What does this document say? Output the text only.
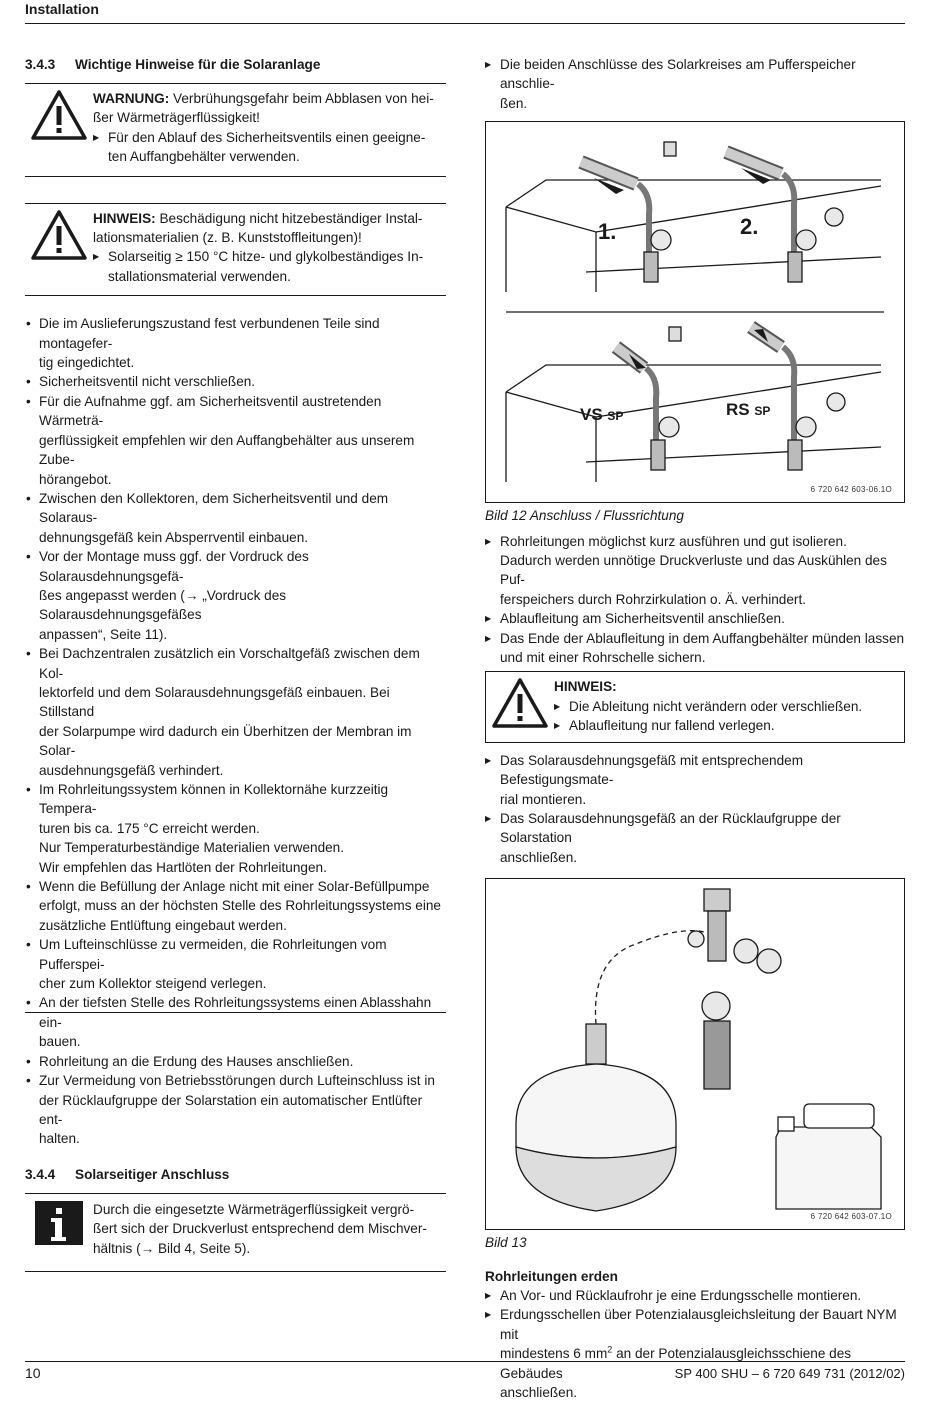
Installation
3.4.3 Wichtige Hinweise für die Solaranlage
WARNUNG: Verbrühungsgefahr beim Abblasen von hei-
ßer Wärmeträgerflüssigkeit!
▶ Für den Ablauf des Sicherheitsventils einen geeigne-
ten Auffangbehälter verwenden.
HINWEIS: Beschädigung nicht hitzebeständiger Instal-
lationsmaterialien (z. B. Kunststoffleitungen)!
▶ Solarseitig ≥ 150 °C hitze- und glykolbeständiges In-
stallationsmaterial verwenden.
• Die im Auslieferungszustand fest verbundenen Teile sind montagefer-
tig eingedichtet.
• Sicherheitsventil nicht verschließen.
• Für die Aufnahme ggf. am Sicherheitsventil austretenden Wärmeträ-
gerflüssigkeit empfehlen wir den Auffangbehälter aus unserem Zube-
hörangebot.
• Zwischen den Kollektoren, dem Sicherheitsventil und dem Solaraus-
dehnungsgefäß kein Absperrventil einbauen.
• Vor der Montage muss ggf. der Vordruck des Solarausdehnungsgefä-
ßes angepasst werden (→ „Vordruck des Solarausdehnungsgefäßes
anpassen“, Seite 11).
• Bei Dachzentralen zusätzlich ein Vorschaltgefäß zwischen dem Kol-
lektorfeld und dem Solarausdehnungsgefäß einbauen. Bei Stillstand
der Solarpumpe wird dadurch ein Überhitzen der Membran im Solar-
ausdehnungsgefäß verhindert.
• Im Rohrleitungssystem können in Kollektornähe kurzzeitig Tempera-
turen bis ca. 175 °C erreicht werden.
Nur Temperaturbeständige Materialien verwenden.
Wir empfehlen das Hartlöten der Rohrleitungen.
• Wenn die Befüllung der Anlage nicht mit einer Solar-Befüllpumpe
erfolgt, muss an der höchsten Stelle des Rohrleitungssystems eine
zusätzliche Entlüftung eingebaut werden.
• Um Lufteinschlüsse zu vermeiden, die Rohrleitungen vom Pufferspei-
cher zum Kollektor steigend verlegen.
• An der tiefsten Stelle des Rohrleitungssystems einen Ablasshahn ein-
bauen.
• Rohrleitung an die Erdung des Hauses anschließen.
• Zur Vermeidung von Betriebsstörungen durch Lufteinschluss ist in
der Rücklaufgruppe der Solarstation ein automatischer Entlüfter ent-
halten.
3.4.4 Solarseitiger Anschluss
Durch die eingesetzte Wärmeträgerflüssigkeit vergrö-
ßert sich der Druckverlust entsprechend dem Mischver-
hältnis (→ Bild 4, Seite 5).
▶ Die beiden Anschlüsse des Solarkreises am Pufferspeicher anschlie-
ßen.
1.	2.
VS SP	RS SP
6 720 642 603-06.1O
Bild 12 Anschluss / Flussrichtung
▶ Rohrleitungen möglichst kurz ausführen und gut isolieren.
Dadurch werden unnötige Druckverluste und das Auskühlen des Puf-
ferspeichers durch Rohrzirkulation o. Ä. verhindert.
▶ Ablaufleitung am Sicherheitsventil anschließen.
▶ Das Ende der Ablaufleitung in dem Auffangbehälter münden lassen
und mit einer Rohrschelle sichern.
HINWEIS:
▶ Die Ableitung nicht verändern oder verschließen.
▶ Ablaufleitung nur fallend verlegen.
▶ Das Solarausdehnungsgefäß mit entsprechendem Befestigungsmate-
rial montieren.
▶ Das Solarausdehnungsgefäß an der Rücklaufgruppe der Solarstation
anschließen.
6 720 642 603-07.1O
Bild 13
Rohrleitungen erden
▶ An Vor- und Rücklaufrohr je eine Erdungsschelle montieren.
▶ Erdungsschellen über Potenzialausgleichsleitung der Bauart NYM mit
mindestens 6 $mm^2$ an der Potenzialausgleichsschiene des Gebäudes
anschließen.
10	SP 400 SHU – 6 720 649 731 (2012/02)
